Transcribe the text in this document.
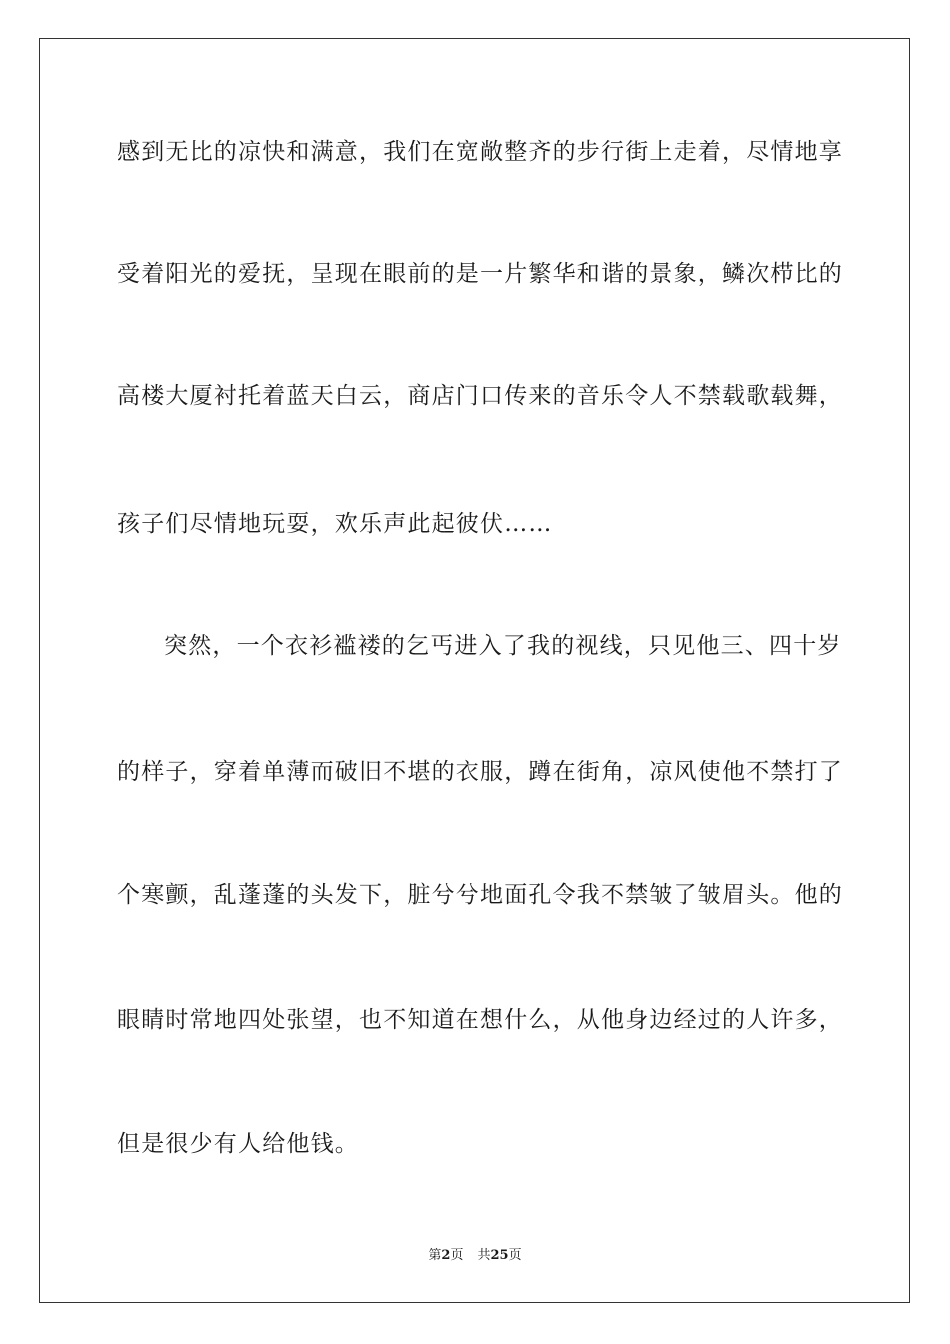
感到无比的凉快和满意，我们在宽敞整齐的步行街上走着，尽情地享
受着阳光的爱抚，呈现在眼前的是一片繁华和谐的景象，鳞次栉比的
高楼大厦衬托着蓝天白云，商店门口传来的音乐令人不禁载歌载舞，
孩子们尽情地玩耍，欢乐声此起彼伏……
突然，一个衣衫褴褛的乞丐进入了我的视线，只见他三、四十岁
的样子，穿着单薄而破旧不堪的衣服，蹲在街角，凉风使他不禁打了
个寒颤，乱蓬蓬的头发下，脏兮兮地面孔令我不禁皱了皱眉头。他的
眼睛时常地四处张望，也不知道在想什么，从他身边经过的人许多，
但是很少有人给他钱。
第2页 共25页
